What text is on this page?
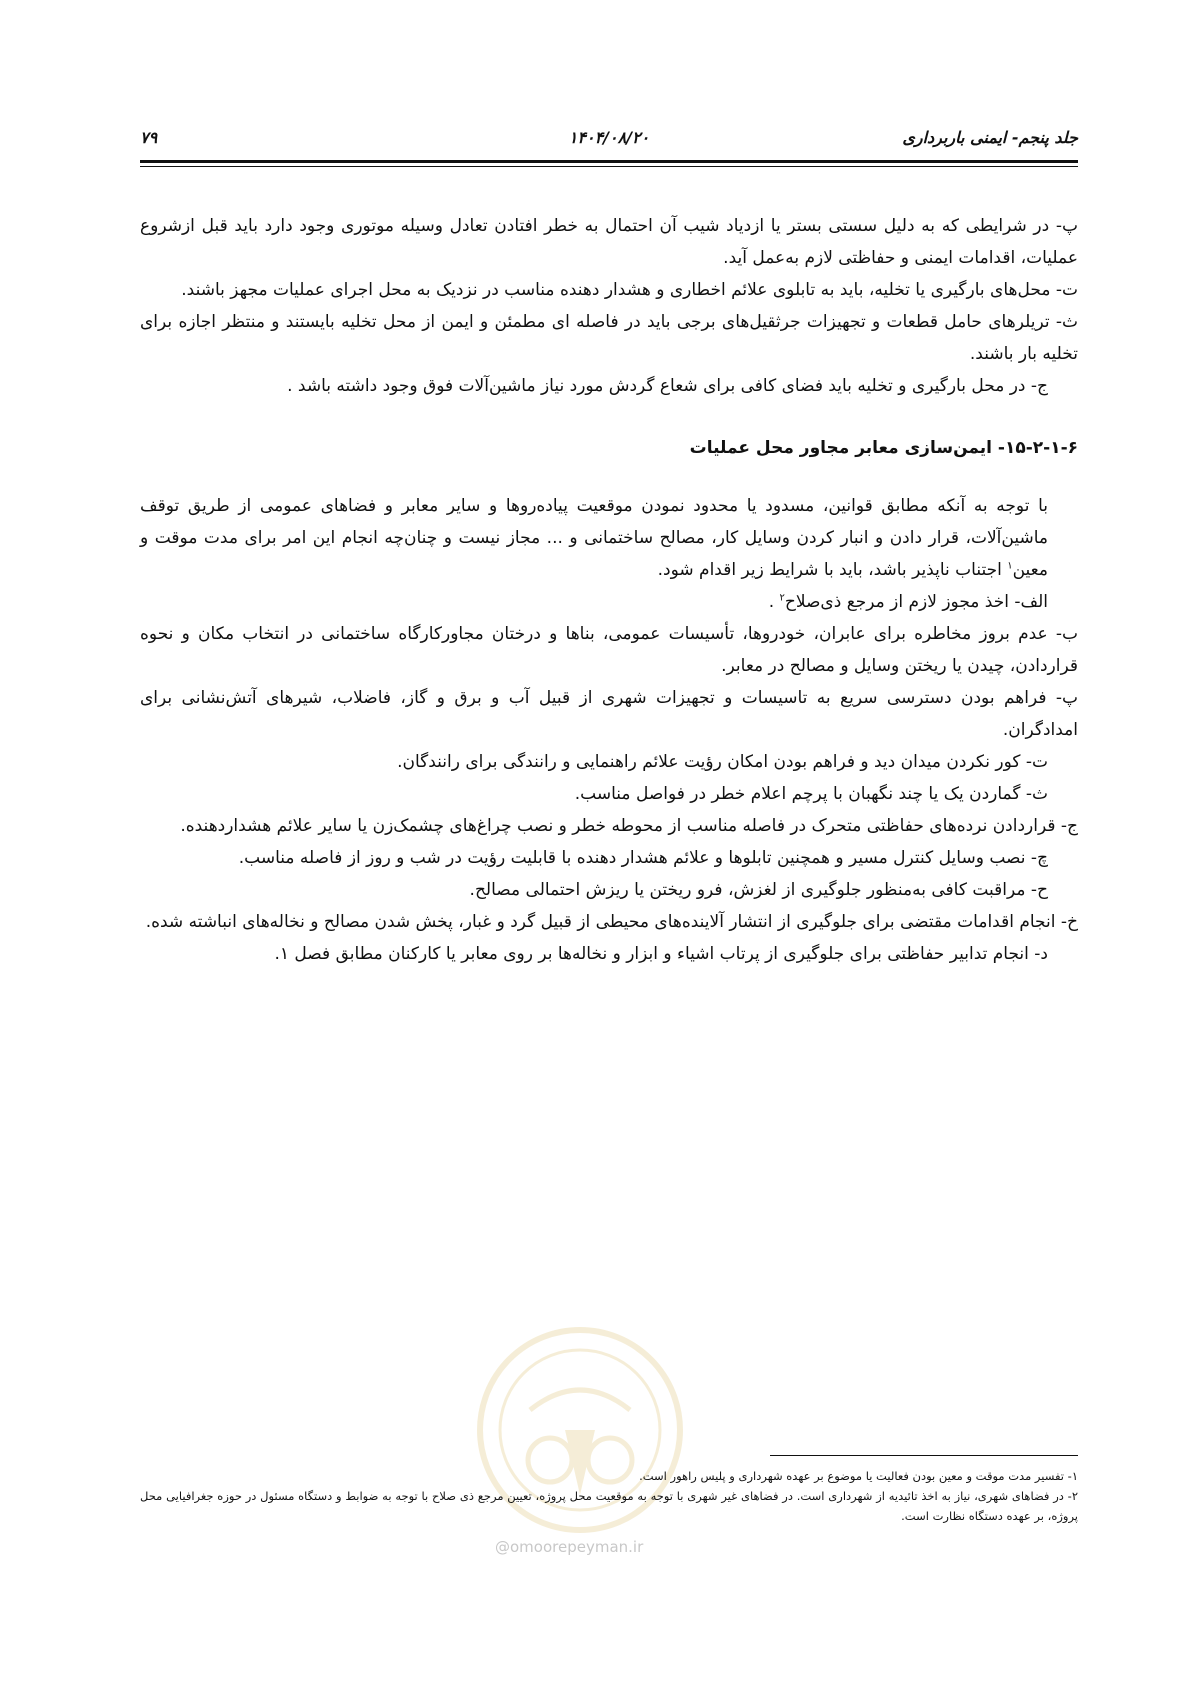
جلد پنجم- ایمنی باربرداری
۱۴۰۴/۰۸/۲۰
۷۹
@omoorepeyman.ir

پ- در شرایطی که به دلیل سستی بستر یا ازدیاد شیب آن احتمال به خطر افتادن تعادل وسیله موتوری وجود دارد باید قبل ازشروع عملیات، اقدامات ایمنی و حفاظتی لازم به‌عمل آید.

ت- محل‌های بارگیری یا تخلیه، باید به تابلوی علائم اخطاری و هشدار دهنده مناسب در نزدیک به محل اجرای عملیات مجهز باشند.

ث- تریلرهای حامل قطعات و تجهیزات جرثقیل‌های برجی باید در فاصله ای مطمئن و ایمن از محل تخلیه بایستند و منتظر اجازه برای تخلیه بار باشند.

ج- در محل بارگیری و تخلیه باید فضای کافی برای شعاع گردش مورد نیاز ماشین‌آلات فوق وجود داشته باشد .

۱۵-۲-۱-۶- ایمن‌سازی معابر مجاور محل عملیات

با توجه به آنکه مطابق قوانین، مسدود یا محدود نمودن موقعیت پیاده‌روها و سایر معابر و فضاهای عمومی از طریق توقف ماشین‌آلات، قرار دادن و انبار کردن وسایل کار، مصالح ساختمانی و ... مجاز نیست و چنان‌چه انجام این امر برای مدت موقت و معین$^۱$ اجتناب ناپذیر باشد، باید با شرایط زیر اقدام شود.

الف- اخذ مجوز لازم از مرجع ذی‌صلاح$^۲$ .

ب- عدم بروز مخاطره برای عابران، خودروها، تأسیسات عمومی، بناها و درختان مجاورکارگاه ساختمانی در انتخاب مکان و نحوه قراردادن، چیدن یا ریختن وسایل و مصالح در معابر.

پ- فراهم بودن دسترسی سریع به تاسیسات و تجهیزات شهری از قبیل آب و برق و گاز، فاضلاب، شیرهای آتش‌نشانی برای امدادگران.

ت- کور نکردن میدان دید و فراهم بودن امکان رؤیت علائم راهنمایی و رانندگی برای رانندگان.

ث- گماردن یک یا چند نگهبان با پرچم اعلام خطر در فواصل مناسب.

ج- قراردادن نرده‌های حفاظتی متحرک در فاصله مناسب از محوطه خطر و نصب چراغ‌های چشمک‌زن یا سایر علائم هشداردهنده.

چ- نصب وسایل کنترل مسیر و همچنین تابلوها و علائم هشدار دهنده با قابلیت رؤیت در شب و روز از فاصله مناسب.

ح- مراقبت کافی به‌منظور جلوگیری از لغزش، فرو ریختن یا ریزش احتمالی مصالح.

خ- انجام اقدامات مقتضی برای جلوگیری از انتشار آلاینده‌های محیطی از قبیل گرد و غبار، پخش شدن مصالح و نخاله‌های انباشته شده.

د- انجام تدابیر حفاظتی برای جلوگیری از پرتاب اشیاء و ابزار و نخاله‌ها بر روی معابر یا کارکنان مطابق فصل ۱.

۱- تفسیر مدت موقت و معین بودن فعالیت یا موضوع بر عهده شهرداری و پلیس راهور است.

۲- در فضاهای شهری، نیاز به اخذ تائیدیه از شهرداری است. در فضاهای غیر شهری با توجه به موقعیت محل پروژه، تعیین مرجع ذی صلاح با توجه به ضوابط و دستگاه مسئول در حوزه جغرافیایی محل پروژه، بر عهده دستگاه نظارت است.
